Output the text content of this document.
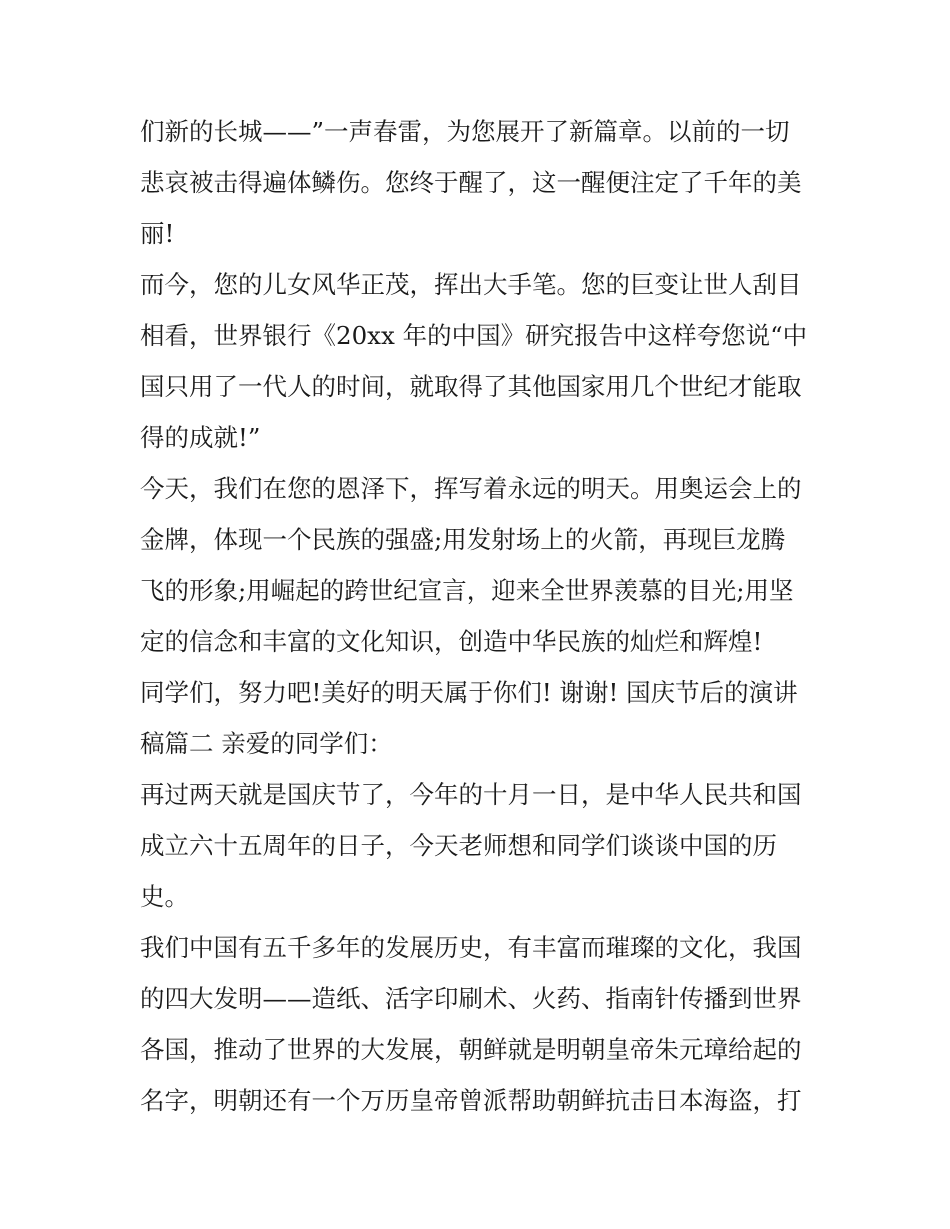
们新的长城——”一声春雷，为您展开了新篇章。以前的一切
悲哀被击得遍体鳞伤。您终于醒了，这一醒便注定了千年的美
丽!
而今，您的儿女风华正茂，挥出大手笔。您的巨变让世人刮目
相看，世界银行《20xx 年的中国》研究报告中这样夸您说“中
国只用了一代人的时间，就取得了其他国家用几个世纪才能取
得的成就!”
今天，我们在您的恩泽下，挥写着永远的明天。用奥运会上的
金牌，体现一个民族的强盛;用发射场上的火箭，再现巨龙腾
飞的形象;用崛起的跨世纪宣言，迎来全世界羡慕的目光;用坚
定的信念和丰富的文化知识，创造中华民族的灿烂和辉煌!
同学们，努力吧!美好的明天属于你们! 谢谢! 国庆节后的演讲
稿篇二 亲爱的同学们：
再过两天就是国庆节了，今年的十月一日，是中华人民共和国
成立六十五周年的日子，今天老师想和同学们谈谈中国的历
史。
我们中国有五千多年的发展历史，有丰富而璀璨的文化，我国
的四大发明——造纸、活字印刷术、火药、指南针传播到世界
各国，推动了世界的大发展，朝鲜就是明朝皇帝朱元璋给起的
名字，明朝还有一个万历皇帝曾派帮助朝鲜抗击日本海盗，打
